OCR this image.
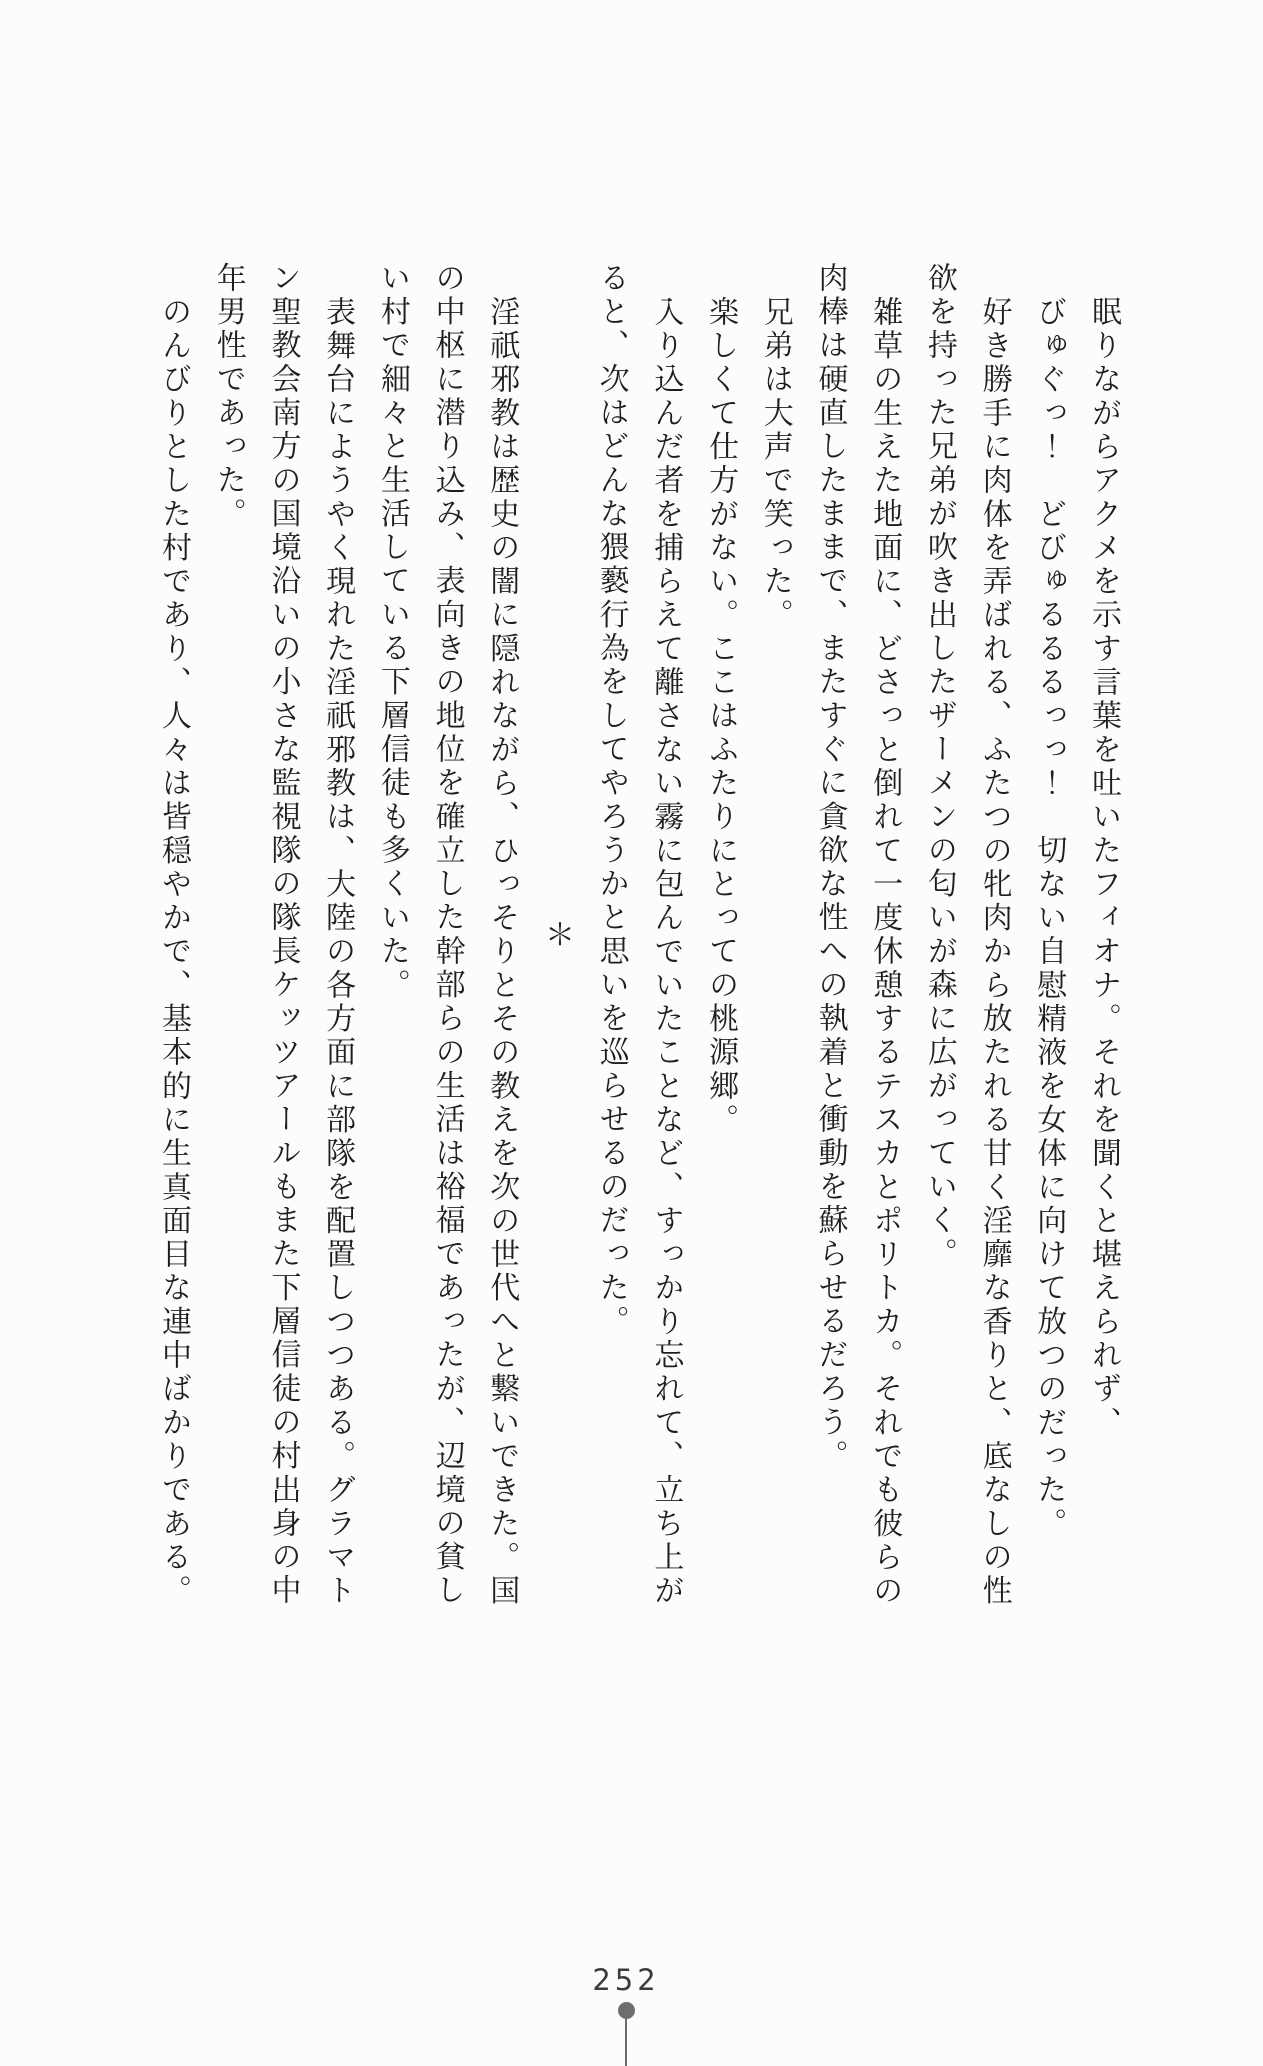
眠りながらアクメを示す言葉を吐いたフィオナ。それを聞くと堪えられず、

びゅぐっ！　どびゅるるるっっ！　切ない自慰精液を女体に向けて放つのだった。

好き勝手に肉体を弄ばれる、ふたつの牝肉から放たれる甘く淫靡な香りと、底なしの性
欲を持った兄弟が吹き出したザーメンの匂いが森に広がっていく。

雑草の生えた地面に、どさっと倒れて一度休憩するテスカとポリトカ。それでも彼らの
肉棒は硬直したままで、またすぐに貪欲な性への執着と衝動を蘇らせるだろう。

兄弟は大声で笑った。

楽しくて仕方がない。ここはふたりにとっての桃源郷。

入り込んだ者を捕らえて離さない霧に包んでいたことなど、すっかり忘れて、立ち上が
ると、次はどんな猥褻行為をしてやろうかと思いを巡らせるのだった。

＊

淫祇邪教は歴史の闇に隠れながら、ひっそりとその教えを次の世代へと繋いできた。国
の中枢に潜り込み、表向きの地位を確立した幹部らの生活は裕福であったが、辺境の貧し
い村で細々と生活している下層信徒も多くいた。

表舞台にようやく現れた淫祇邪教は、大陸の各方面に部隊を配置しつつある。グラマト
ン聖教会南方の国境沿いの小さな監視隊の隊長ケッツアールもまた下層信徒の村出身の中
年男性であった。

のんびりとした村であり、人々は皆穏やかで、基本的に生真面目な連中ばかりである。

252
